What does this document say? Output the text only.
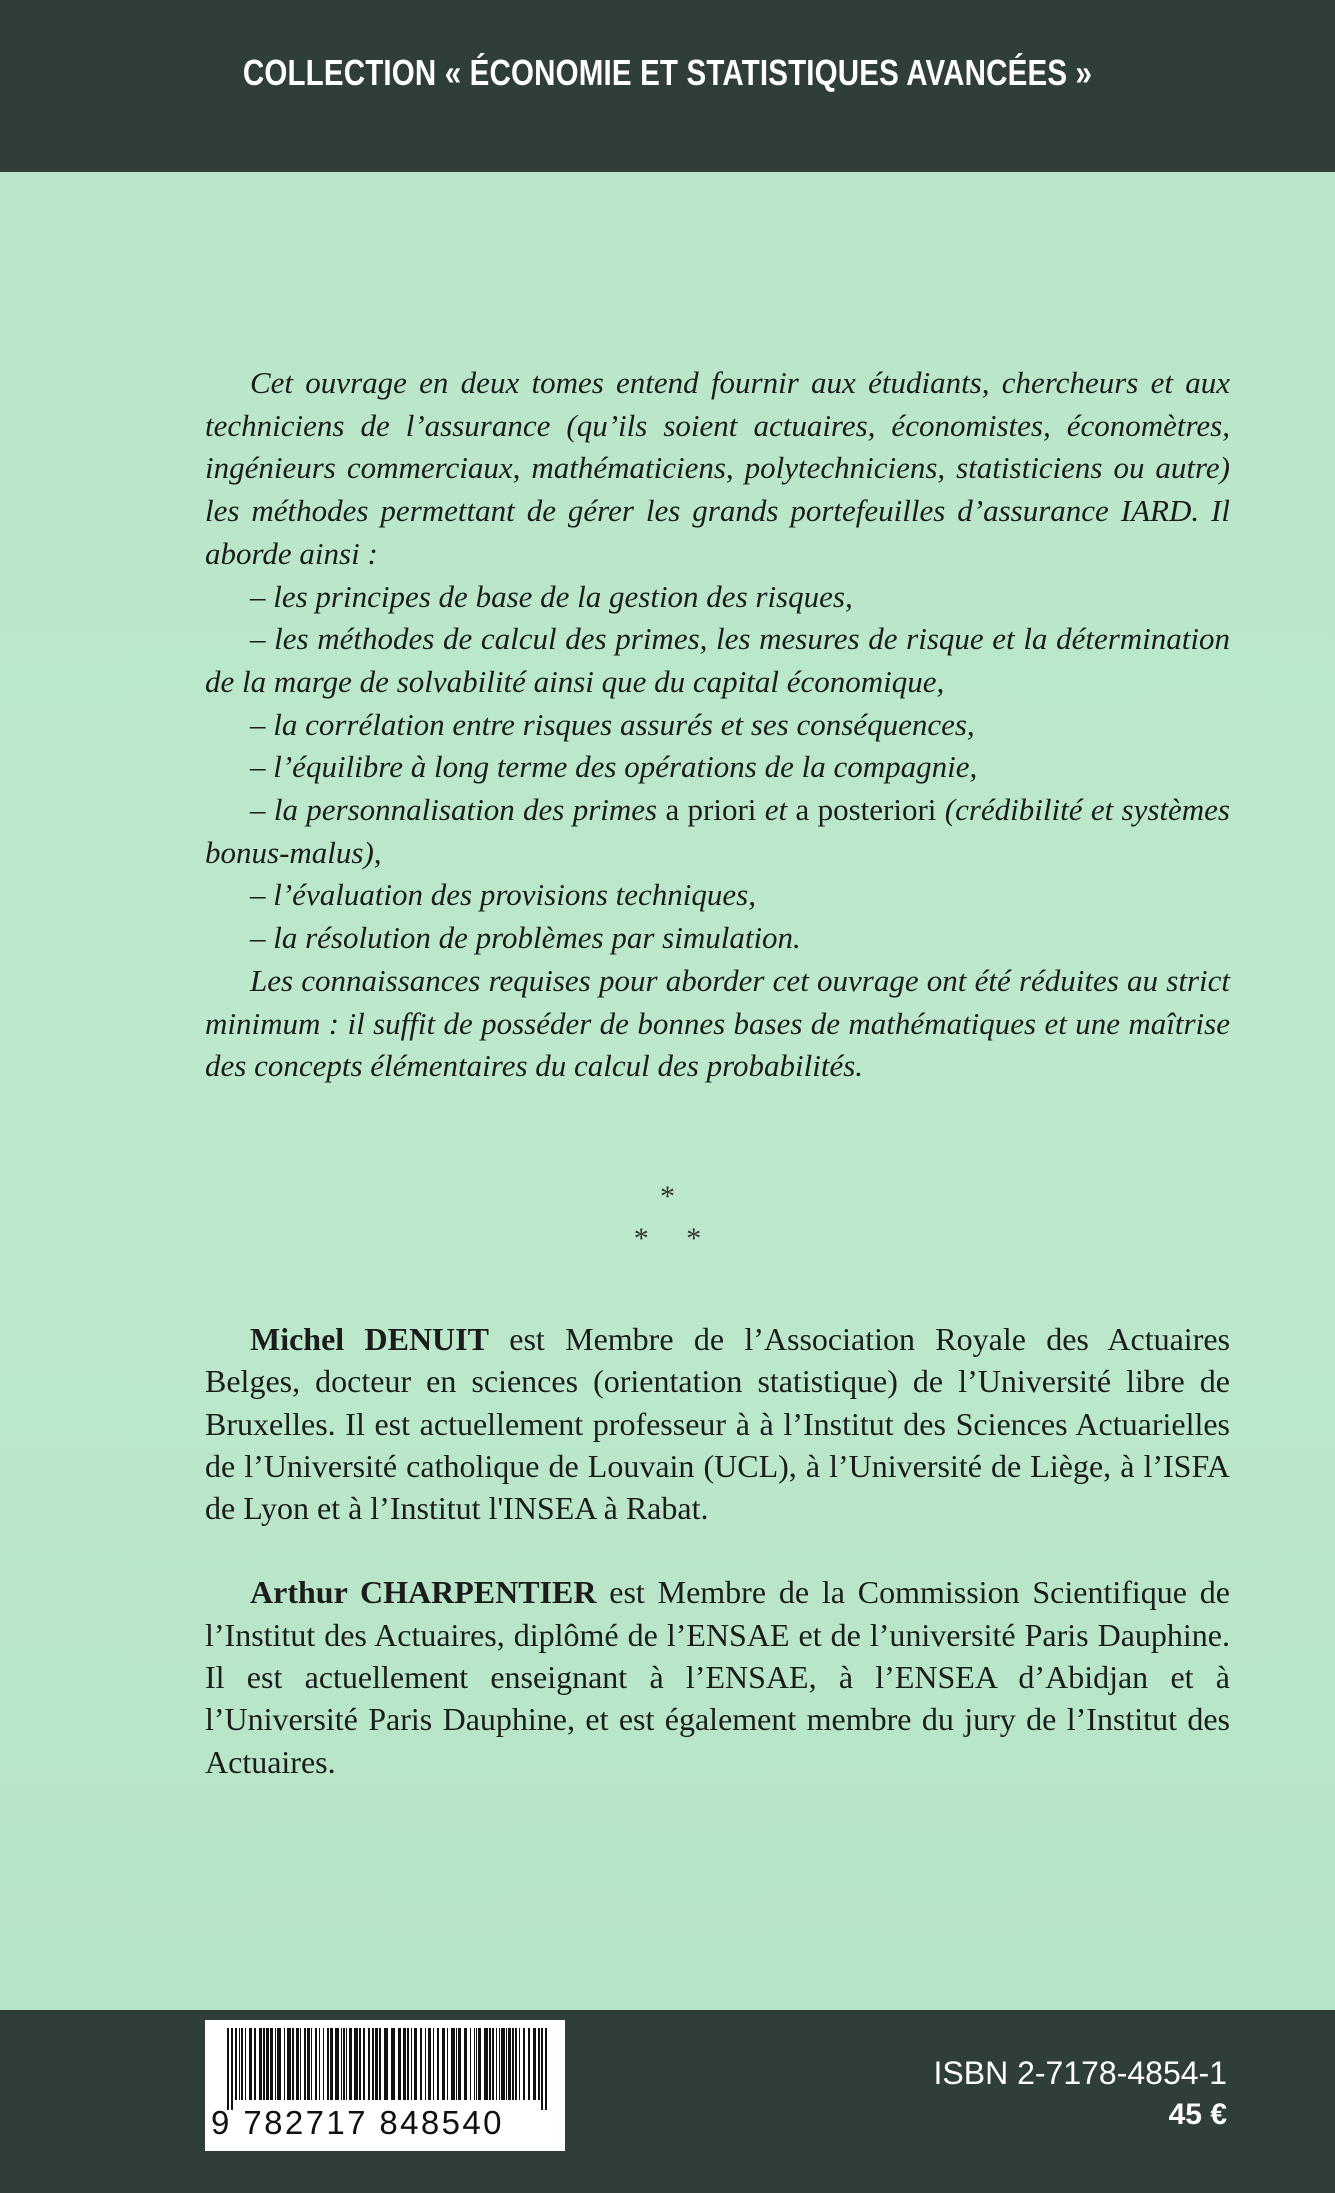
COLLECTION « ÉCONOMIE ET STATISTIQUES AVANCÉES »

Cet ouvrage en deux tomes entend fournir aux étudiants, chercheurs et aux techniciens de l’assurance (qu’ils soient actuaires, économistes, économètres, ingénieurs commerciaux, mathématiciens, polytechniciens, statisticiens ou autre) les méthodes permettant de gérer les grands portefeuilles d’assurance IARD. Il aborde ainsi :

– les principes de base de la gestion des risques,

– les méthodes de calcul des primes, les mesures de risque et la détermination de la marge de solvabilité ainsi que du capital économique,

– la corrélation entre risques assurés et ses conséquences,

– l’équilibre à long terme des opérations de la compagnie,

– la personnalisation des primes a priori et a posteriori (crédibilité et systèmes bonus-malus),

– l’évaluation des provisions techniques,

– la résolution de problèmes par simulation.

Les connaissances requises pour aborder cet ouvrage ont été réduites au strict minimum : il suffit de posséder de bonnes bases de mathématiques et une maîtrise des concepts élémentaires du calcul des probabilités.

*
*     *

Michel DENUIT est Membre de l’Association Royale des Actuaires Belges, docteur en sciences (orientation statistique) de l’Université libre de Bruxelles. Il est actuellement professeur à à l’Institut des Sciences Actuarielles de l’Université catholique de Louvain (UCL), à l’Université de Liège, à l’ISFA de Lyon et à l’Institut l'INSEA à Rabat.

Arthur CHARPENTIER est Membre de la Commission Scientifique de l’Institut des Actuaires, diplômé de l’ENSAE et de l’université Paris Dauphine. Il est actuellement enseignant à l’ENSAE, à l’ENSEA d’Abidjan et à l’Université Paris Dauphine, et est également membre du jury de l’Institut des Actuaires.

9 782717 848540
ISBN 2-7178-4854-1
45 €
